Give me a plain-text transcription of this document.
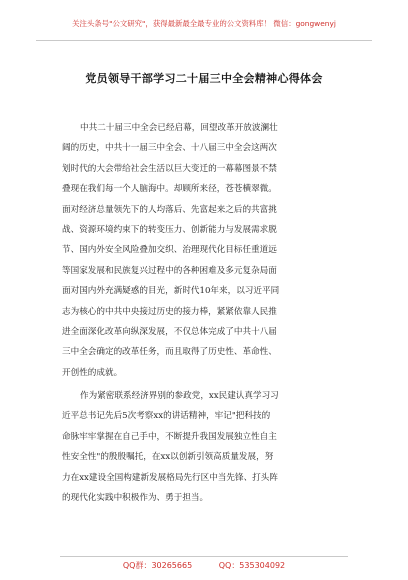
关注头条号"公文研究"，获得最新最全最专业的公文资料库！ 微信：gongwenyj
党员领导干部学习二十届三中全会精神心得体会
中共二十届三中全会已经启幕，回望改革开放波澜壮
阔的历史，中共十一届三中全会、十八届三中全会这两次
划时代的大会带给社会生活以巨大变迁的一幕幕图景不禁
叠现在我们每一个人脑海中。却顾所来径，苍苍横翠微。
面对经济总量领先下的人均落后、先富起来之后的共富挑
战、资源环境约束下的转变压力、创新能力与发展需求脱
节、国内外安全风险叠加交织、治理现代化目标任重道远
等国家发展和民族复兴过程中的各种困难及多元复杂局面
面对国内外充满疑惑的目光，新时代10年来，以习近平同
志为核心的中共中央接过历史的接力棒，紧紧依靠人民推
进全面深化改革向纵深发展，不仅总体完成了中共十八届
三中全会确定的改革任务，而且取得了历史性、革命性、
开创性的成就。
作为紧密联系经济界别的参政党，xx民建认真学习习
近平总书记先后5次考察xx的讲话精神，牢记"把科技的
命脉牢牢掌握在自己手中，不断提升我国发展独立性自主
性安全性"的殷殷嘱托，在xx以创新引领高质量发展，努
力在xx建设全国构建新发展格局先行区中当先锋、打头阵
的现代化实践中积极作为、勇于担当。
QQ群：30265665	QQ：535304092
